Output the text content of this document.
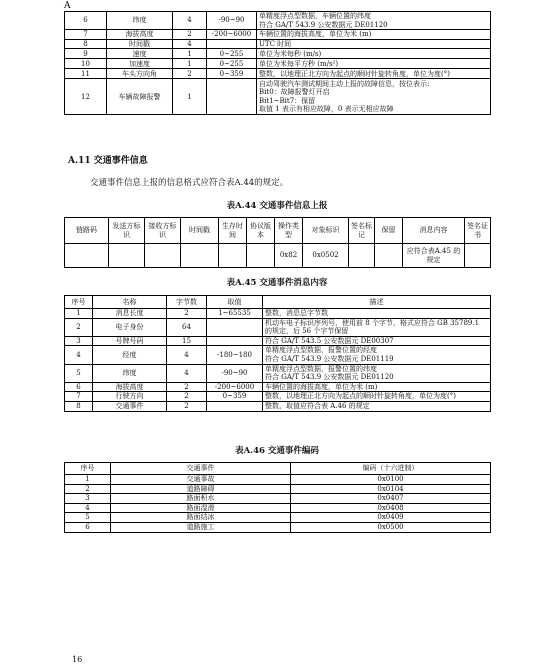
A
6	纬度	4	-90~90	单精度浮点型数据，车辆位置的纬度
符合 GA/T 543.9 公安数据元 DE01120

7	海拔高度	2	-200~6000	车辆位置的海拔高度，单位为米 (m)

8	时间戳	4		UTC 时间

9	速度	1	0~255	单位为米每秒 (m/s)

10	加速度	1	0~255	单位为米每平方秒 (m/s²)

11	车头方向角	2	0~359	整数，以地理正北方向为起点的顺时针旋转角度，单位为度(°)

12	车辆故障报警	1		自动驾驶汽车测试期间主动上报的故障信息，按位表示:
Bit0：故障报警灯开启
Bit1~Bit7：保留
取值 1 表示有相应故障，0 表示无相应故障
A.11 交通事件信息
交通事件信息上报的信息格式应符合表A.44的规定。
表A.44 交通事件信息上报
链路码	发送方标识	接收方标识	时间戳	生存时间	协议版本	操作类型	对象标识	签名标记	保留	消息内容	签名证书
						0x82	0x0502			应符合表A.45 的规定	
表A.45 交通事件消息内容
序号	名称	字节数	取值	描述
1	消息长度	2	1~65535	整数，消息总字节数

2	电子身份	64		机动车电子标识序列号，使用前 8 个字节，格式应符合 GB 35789.1
的规定，后 56 个字节保留

3	号牌号码	15		符合 GA/T 543.5 公安数据元 DE00307

4	经度	4	-180~180	单精度浮点型数据，报警位置的经度
符合 GA/T 543.9 公安数据元 DE01119

5	纬度	4	-90~90	单精度浮点型数据，报警位置的纬度
符合 GA/T 543.9 公安数据元 DE01120

6	海拔高度	2	-200~6000	车辆位置的海拔高度，单位为米 (m)

7	行驶方向	2	0~359	整数，以地理正北方向为起点的顺时针旋转角度，单位为度(°)

8	交通事件	2		整数，取值应符合表 A.46 的规定
表A.46 交通事件编码
序号	交通事件	编码（十六进制）
1	交通事故	0x0100
2	道路障碍	0x0104
3	路面积水	0x0407
4	路面湿滑	0x0408
5	路面结冰	0x0409
6	道路施工	0x0500
16
